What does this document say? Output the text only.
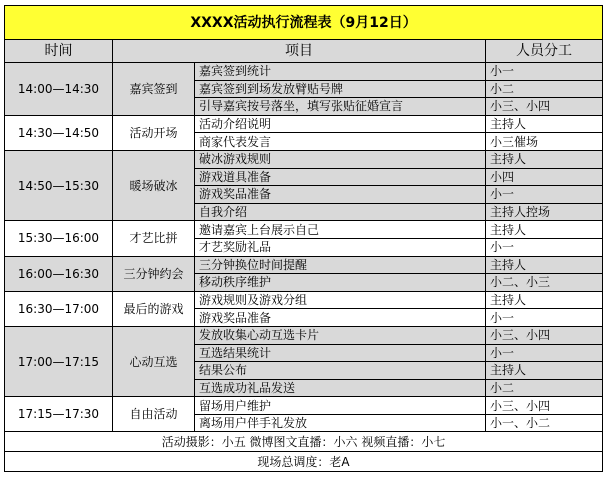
XXXX活动执行流程表（9月12日）			
时间	项目		人员分工
14:00—14:30	嘉宾签到	嘉宾签到统计	小一
		嘉宾签到到场发放臂贴号牌	小二
		引导嘉宾按号落坐，填写张贴征婚宣言	小三、小四
14:30—14:50	活动开场	活动介绍说明	主持人
		商家代表发言	小三催场
14:50—15:30	暖场破冰	破冰游戏规则	主持人
		游戏道具准备	小四
		游戏奖品准备	小一
		自我介绍	主持人控场
15:30—16:00	才艺比拼	邀请嘉宾上台展示自己	主持人
		才艺奖励礼品	小一
16:00—16:30	三分钟约会	三分钟换位时间提醒	主持人
		移动秩序维护	小二、小三
16:30—17:00	最后的游戏	游戏规则及游戏分组	主持人
		游戏奖品准备	小一
17:00—17:15	心动互选	发放收集心动互选卡片	小三、小四
		互选结果统计	小一
		结果公布	主持人
		互选成功礼品发送	小二
17:15—17:30	自由活动	留场用户维护	小三、小四
		离场用户伴手礼发放	小一、小二
活动摄影：小五 微博图文直播：小六 视频直播：小七			
现场总调度：老A			
